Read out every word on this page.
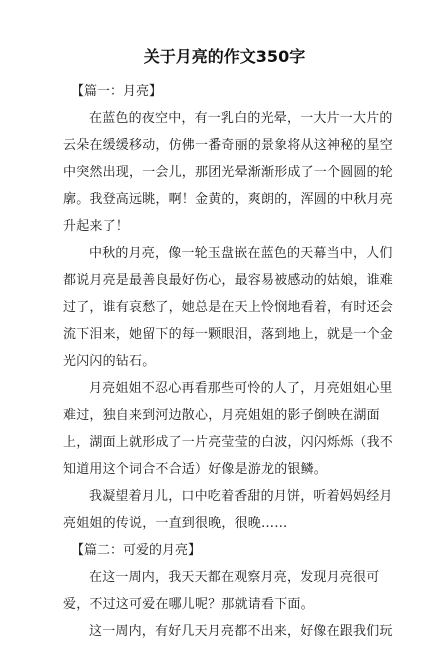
关于月亮的作文350字
【篇一：月亮】

在蓝色的夜空中，有一乳白的光晕，一大片一大片的云朵在缓缓移动，仿佛一番奇丽的景象将从这神秘的星空中突然出现，一会儿，那团光晕渐渐形成了一个圆圆的轮廓。我登高远眺，啊！金黄的，爽朗的，浑圆的中秋月亮升起来了！

中秋的月亮，像一轮玉盘嵌在蓝色的天幕当中，人们都说月亮是最善良最好伤心，最容易被感动的姑娘，谁难过了，谁有哀愁了，她总是在天上怜悯地看着，有时还会流下泪来，她留下的每一颗眼泪，落到地上，就是一个金光闪闪的钻石。

月亮姐姐不忍心再看那些可怜的人了，月亮姐姐心里难过，独自来到河边散心，月亮姐姐的影子倒映在湖面上，湖面上就形成了一片亮莹莹的白波，闪闪烁烁（我不知道用这个词合不合适）好像是游龙的银鳞。

我凝望着月儿，口中吃着香甜的月饼，听着妈妈经月亮姐姐的传说，一直到很晚，很晚……

【篇二：可爱的月亮】

在这一周内，我天天都在观察月亮，发现月亮很可爱，不过这可爱在哪儿呢？那就请看下面。

这一周内，有好几天月亮都不出来，好像在跟我们玩
